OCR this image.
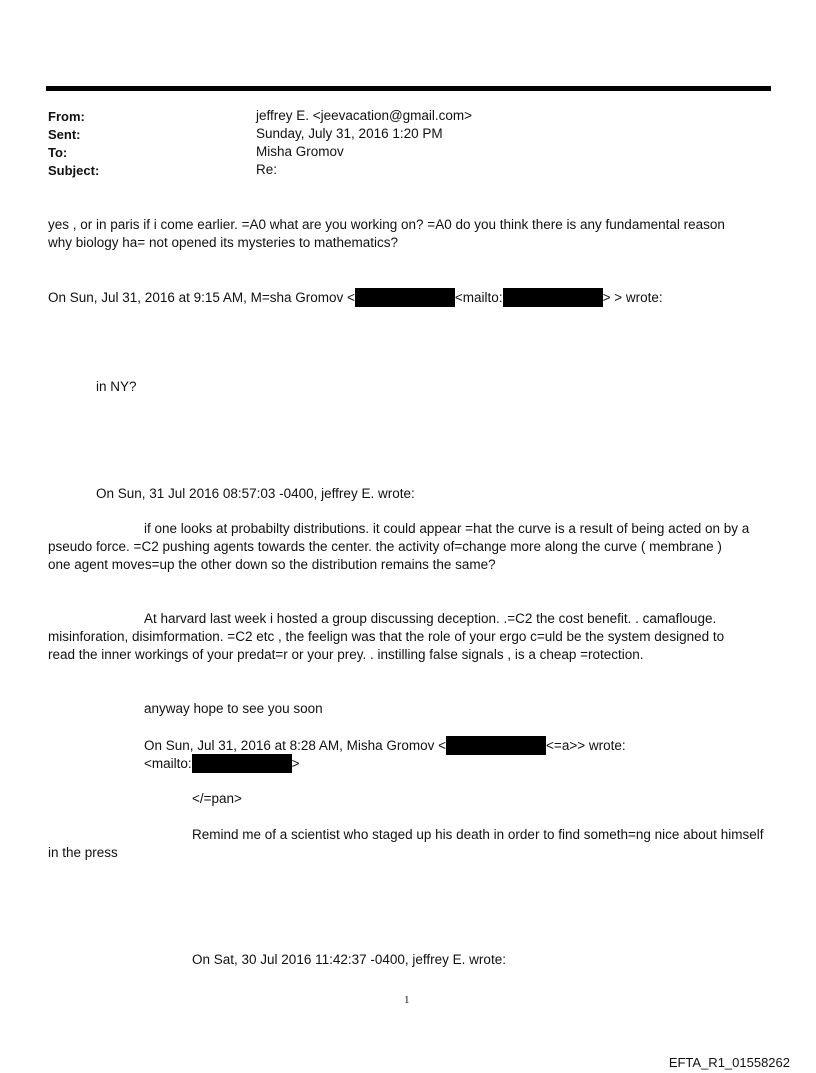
From:	jeffrey E. <jeevacation@gmail.com>
Sent:	Sunday, July 31, 2016 1:20 PM
To:	Misha Gromov
Subject:	Re:
yes , or in paris if i come earlier. =A0 what are you working on? =A0 do you think there is any fundamental reason
why biology ha= not opened its mysteries to mathematics?
On Sun, Jul 31, 2016 at 9:15 AM, M=sha Gromov <	<mailto:	> > wrote:
in NY?
On Sun, 31 Jul 2016 08:57:03 -0400, jeffrey E. wrote:
if one looks at probabilty distributions. it could appear =hat the curve is a result of being acted on by a
pseudo force. =C2 pushing agents towards the center. the activity of=change more along the curve ( membrane )
one agent moves=up the other down so the distribution remains the same?
At harvard last week i hosted a group discussing deception. .=C2 the cost benefit. . camaflouge.
misinforation, disimformation. =C2 etc , the feelign was that the role of your ergo c=uld be the system designed to
read the inner workings of your predat=r or your prey. . instilling false signals , is a cheap =rotection.
anyway hope to see you soon
On Sun, Jul 31, 2016 at 8:28 AM, Misha Gromov <	<=a>> wrote:
<mailto:	>
</=pan>
Remind me of a scientist who staged up his death in order to find someth=ng nice about himself
in the press
On Sat, 30 Jul 2016 11:42:37 -0400, jeffrey E. wrote:
1
EFTA_R1_01558262
